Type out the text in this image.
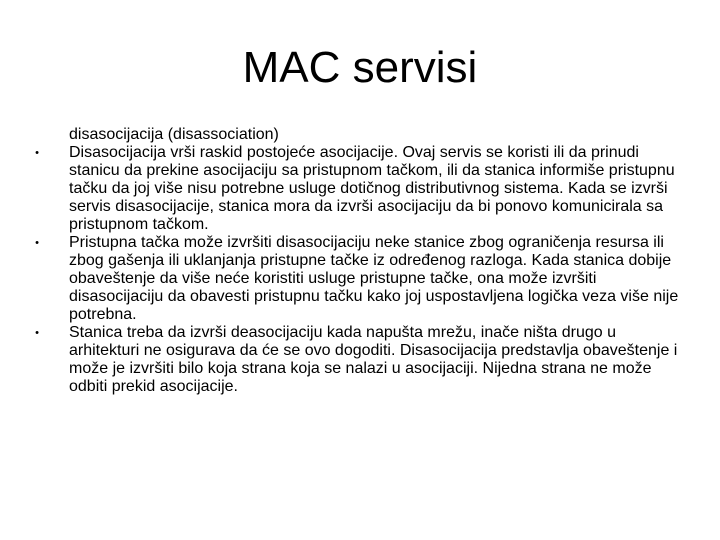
MAC servisi

disasocijacija (disassociation)

•	Disasocijacija vrši raskid postojeće asocijacije. Ovaj servis se koristi ili da prinudi stanicu da prekine asocijaciju sa pristupnom tačkom, ili da stanica informiše pristupnu tačku da joj više nisu potrebne usluge dotičnog distributivnog sistema. Kada se izvrši servis disasocijacije, stanica mora da izvrši asocijaciju da bi ponovo komunicirala sa pristupnom tačkom.
•	Pristupna tačka može izvršiti disasocijaciju neke stanice zbog ograničenja resursa ili zbog gašenja ili uklanjanja pristupne tačke iz određenog razloga. Kada stanica dobije obaveštenje da više neće koristiti usluge pristupne tačke, ona može izvršiti disasocijaciju da obavesti pristupnu tačku kako joj uspostavljena logička veza više nije potrebna.
•	Stanica treba da izvrši deasocijaciju kada napušta mrežu, inače ništa drugo u arhitekturi ne osigurava da će se ovo dogoditi. Disasocijacija predstavlja obaveštenje i može je izvršiti bilo koja strana koja se nalazi u asocijaciji. Nijedna strana ne može odbiti prekid asocijacije.
